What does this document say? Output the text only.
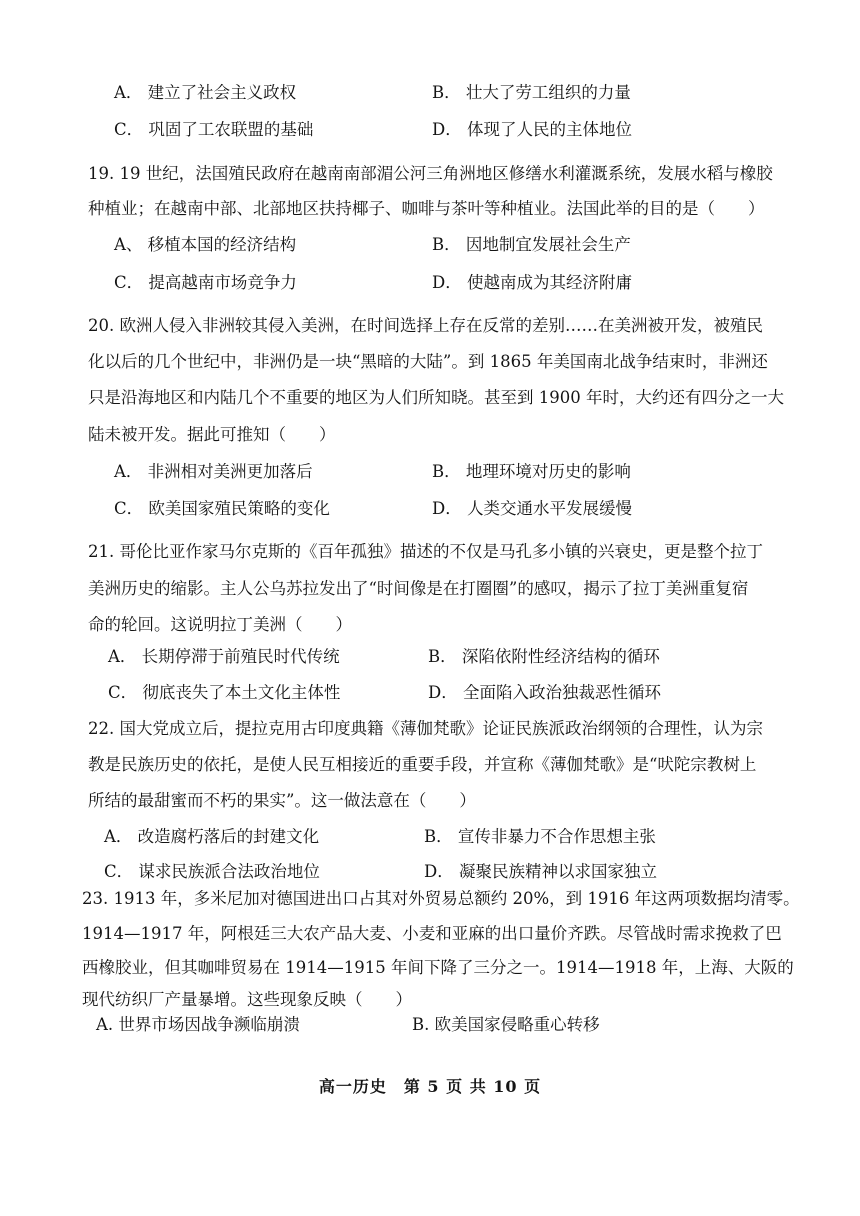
A． 建立了社会主义政权	B． 壮大了劳工组织的力量
C． 巩固了工农联盟的基础	D． 体现了人民的主体地位
19. 19 世纪，法国殖民政府在越南南部湄公河三角洲地区修缮水利灌溉系统，发展水稻与橡胶
种植业；在越南中部、北部地区扶持椰子、咖啡与茶叶等种植业。法国此举的目的是（　　）
A、 移植本国的经济结构	B． 因地制宜发展社会生产
C． 提高越南市场竞争力	D． 使越南成为其经济附庸
20. 欧洲人侵入非洲较其侵入美洲，在时间选择上存在反常的差别……在美洲被开发，被殖民
化以后的几个世纪中，非洲仍是一块“黑暗的大陆”。到 1865 年美国南北战争结束时，非洲还
只是沿海地区和内陆几个不重要的地区为人们所知晓。甚至到 1900 年时，大约还有四分之一大
陆未被开发。据此可推知（　　）
A． 非洲相对美洲更加落后	B． 地理环境对历史的影响
C． 欧美国家殖民策略的变化	D． 人类交通水平发展缓慢
21. 哥伦比亚作家马尔克斯的《百年孤独》描述的不仅是马孔多小镇的兴衰史，更是整个拉丁
美洲历史的缩影。主人公乌苏拉发出了“时间像是在打圈圈”的感叹，揭示了拉丁美洲重复宿
命的轮回。这说明拉丁美洲（　　）
A． 长期停滞于前殖民时代传统	B． 深陷依附性经济结构的循环
C． 彻底丧失了本土文化主体性	D． 全面陷入政治独裁恶性循环
22. 国大党成立后，提拉克用古印度典籍《薄伽梵歌》论证民族派政治纲领的合理性，认为宗
教是民族历史的依托，是使人民互相接近的重要手段，并宣称《薄伽梵歌》是“吠陀宗教树上
所结的最甜蜜而不朽的果实”。这一做法意在（　　）
A． 改造腐朽落后的封建文化	B． 宣传非暴力不合作思想主张
C． 谋求民族派合法政治地位	D． 凝聚民族精神以求国家独立
23. 1913 年，多米尼加对德国进出口占其对外贸易总额约 20%，到 1916 年这两项数据均清零。
1914—1917 年，阿根廷三大农产品大麦、小麦和亚麻的出口量价齐跌。尽管战时需求挽救了巴
西橡胶业，但其咖啡贸易在 1914—1915 年间下降了三分之一。1914—1918 年，上海、大阪的
现代纺织厂产量暴增。这些现象反映（　　）
A. 世界市场因战争濒临崩溃	B. 欧美国家侵略重心转移
高一历史　第 5 页 共 10 页
